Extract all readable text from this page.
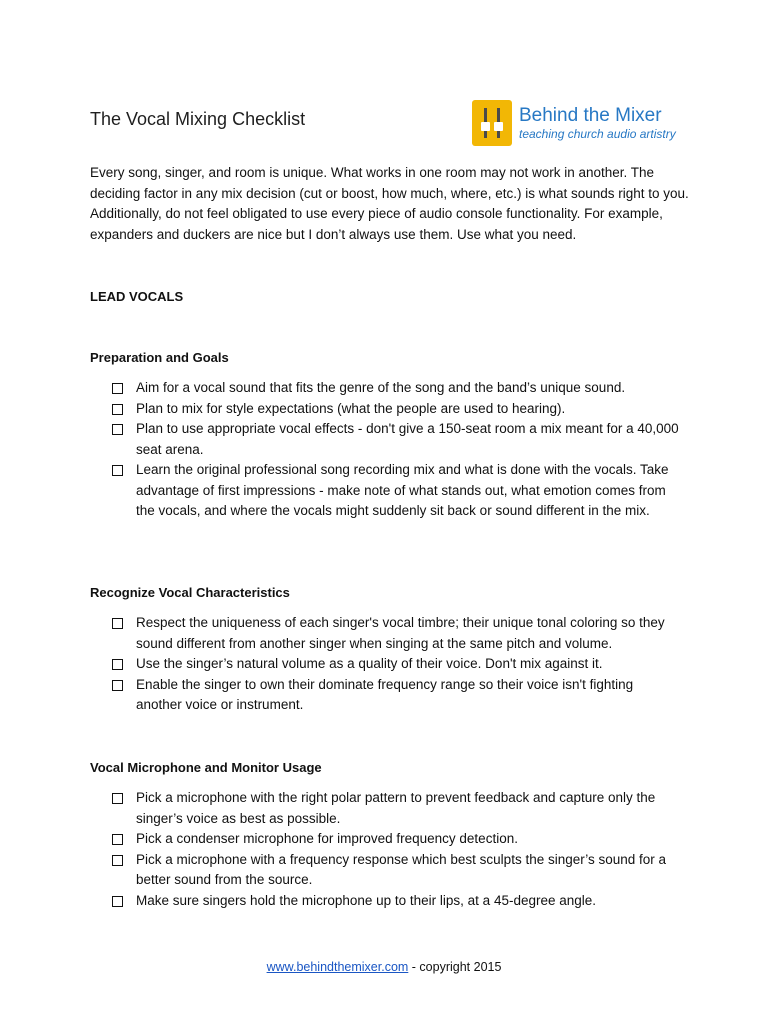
The Vocal Mixing Checklist	Behind the Mixer
teaching church audio artistry

Every song, singer, and room is unique. What works in one room may not work in another. The deciding factor in any mix decision (cut or boost, how much, where, etc.) is what sounds right to you. Additionally, do not feel obligated to use every piece of audio console functionality. For example, expanders and duckers are nice but I don’t always use them. Use what you need.

LEAD VOCALS
Preparation and Goals
Aim for a vocal sound that fits the genre of the song and the band’s unique sound.
Plan to mix for style expectations (what the people are used to hearing).
Plan to use appropriate vocal effects - don't give a 150-seat room a mix meant for a 40,000 seat arena.
Learn the original professional song recording mix and what is done with the vocals. Take advantage of first impressions - make note of what stands out, what emotion comes from the vocals, and where the vocals might suddenly sit back or sound different in the mix.
Recognize Vocal Characteristics
Respect the uniqueness of each singer's vocal timbre; their unique tonal coloring so they sound different from another singer when singing at the same pitch and volume.
Use the singer’s natural volume as a quality of their voice. Don't mix against it.
Enable the singer to own their dominate frequency range so their voice isn't fighting another voice or instrument.
Vocal Microphone and Monitor Usage
Pick a microphone with the right polar pattern to prevent feedback and capture only the singer’s voice as best as possible.
Pick a condenser microphone for improved frequency detection.
Pick a microphone with a frequency response which best sculpts the singer’s sound for a better sound from the source.
Make sure singers hold the microphone up to their lips, at a 45-degree angle.
www.behindthemixer.com - copyright 2015
